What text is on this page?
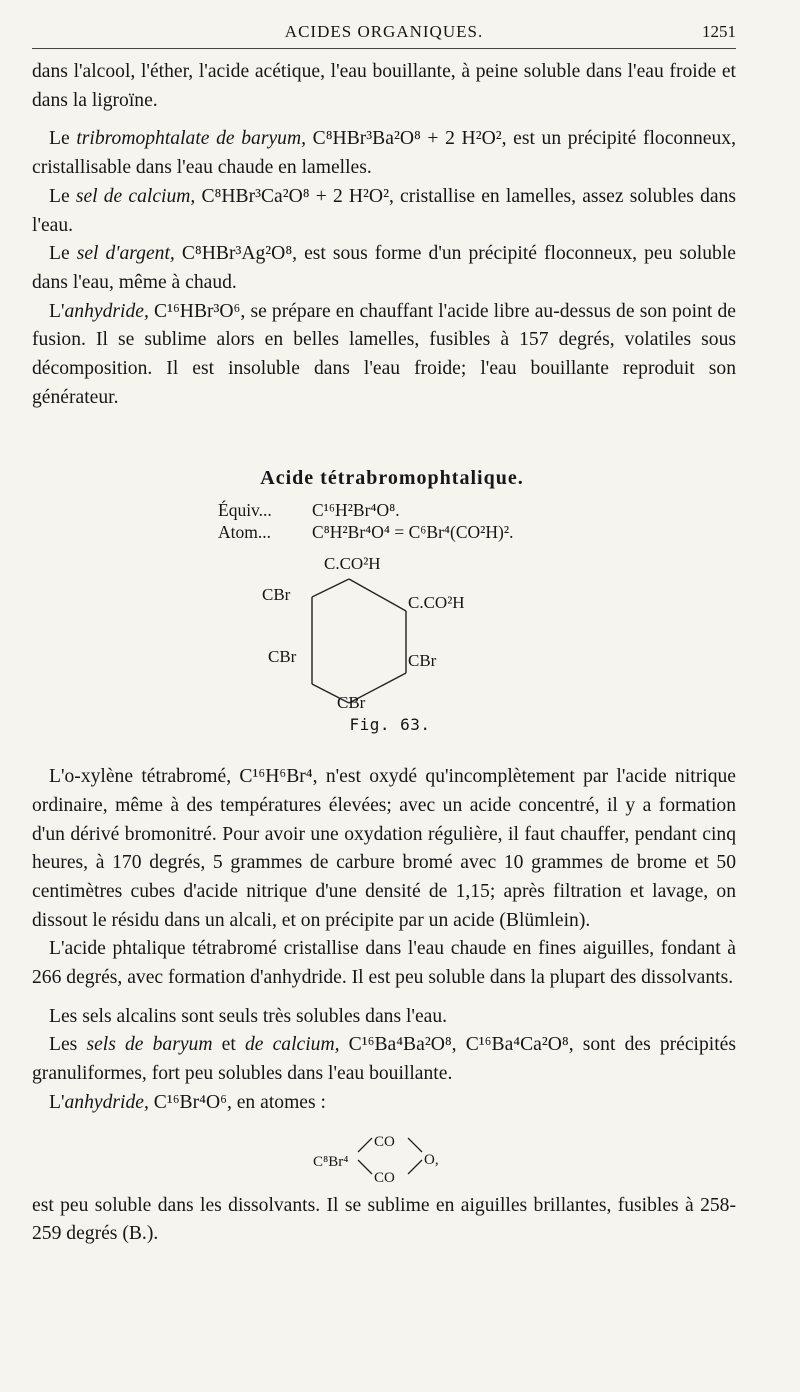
ACIDES ORGANIQUES.	1251

dans l'alcool, l'éther, l'acide acétique, l'eau bouillante, à peine soluble dans l'eau froide et dans la ligroïne.

Le tribromophtalate de baryum, C⁸HBr³Ba²O⁸ + 2 H²O², est un précipité floconneux, cristallisable dans l'eau chaude en lamelles.

Le sel de calcium, C⁸HBr³Ca²O⁸ + 2 H²O², cristallise en lamelles, assez solubles dans l'eau.

Le sel d'argent, C⁸HBr³Ag²O⁸, est sous forme d'un précipité floconneux, peu soluble dans l'eau, même à chaud.

L'anhydride, C¹⁶HBr³O⁶, se prépare en chauffant l'acide libre au-dessus de son point de fusion. Il se sublime alors en belles lamelles, fusibles à 157 degrés, volatiles sous décomposition. Il est insoluble dans l'eau froide; l'eau bouillante reproduit son générateur.

Acide tétrabromophtalique.
Équiv... C¹⁶H²Br⁴O⁸.
Atom... C⁸H²Br⁴O⁴ = C⁶Br⁴(CO²H)².
C.CO²H
CBr	C.CO²H
CBr	CBr
CBr
Fig. 63.

L'o-xylène tétrabromé, C¹⁶H⁶Br⁴, n'est oxydé qu'incomplètement par l'acide nitrique ordinaire, même à des températures élevées; avec un acide concentré, il y a formation d'un dérivé bromonitré. Pour avoir une oxydation régulière, il faut chauffer, pendant cinq heures, à 170 degrés, 5 grammes de carbure bromé avec 10 grammes de brome et 50 centimètres cubes d'acide nitrique d'une densité de 1,15; après filtration et lavage, on dissout le résidu dans un alcali, et on précipite par un acide (Blümlein).

L'acide phtalique tétrabromé cristallise dans l'eau chaude en fines aiguilles, fondant à 266 degrés, avec formation d'anhydride. Il est peu soluble dans la plupart des dissolvants.

Les sels alcalins sont seuls très solubles dans l'eau.

Les sels de baryum et de calcium, C¹⁶Ba⁴Ba²O⁸, C¹⁶Ba⁴Ca²O⁸, sont des précipités granuliformes, fort peu solubles dans l'eau bouillante.

L'anhydride, C¹⁶Br⁴O⁶, en atomes :

C⁸Br⁴
CO
CO
O,

est peu soluble dans les dissolvants. Il se sublime en aiguilles brillantes, fusibles à 258-259 degrés (B.).
